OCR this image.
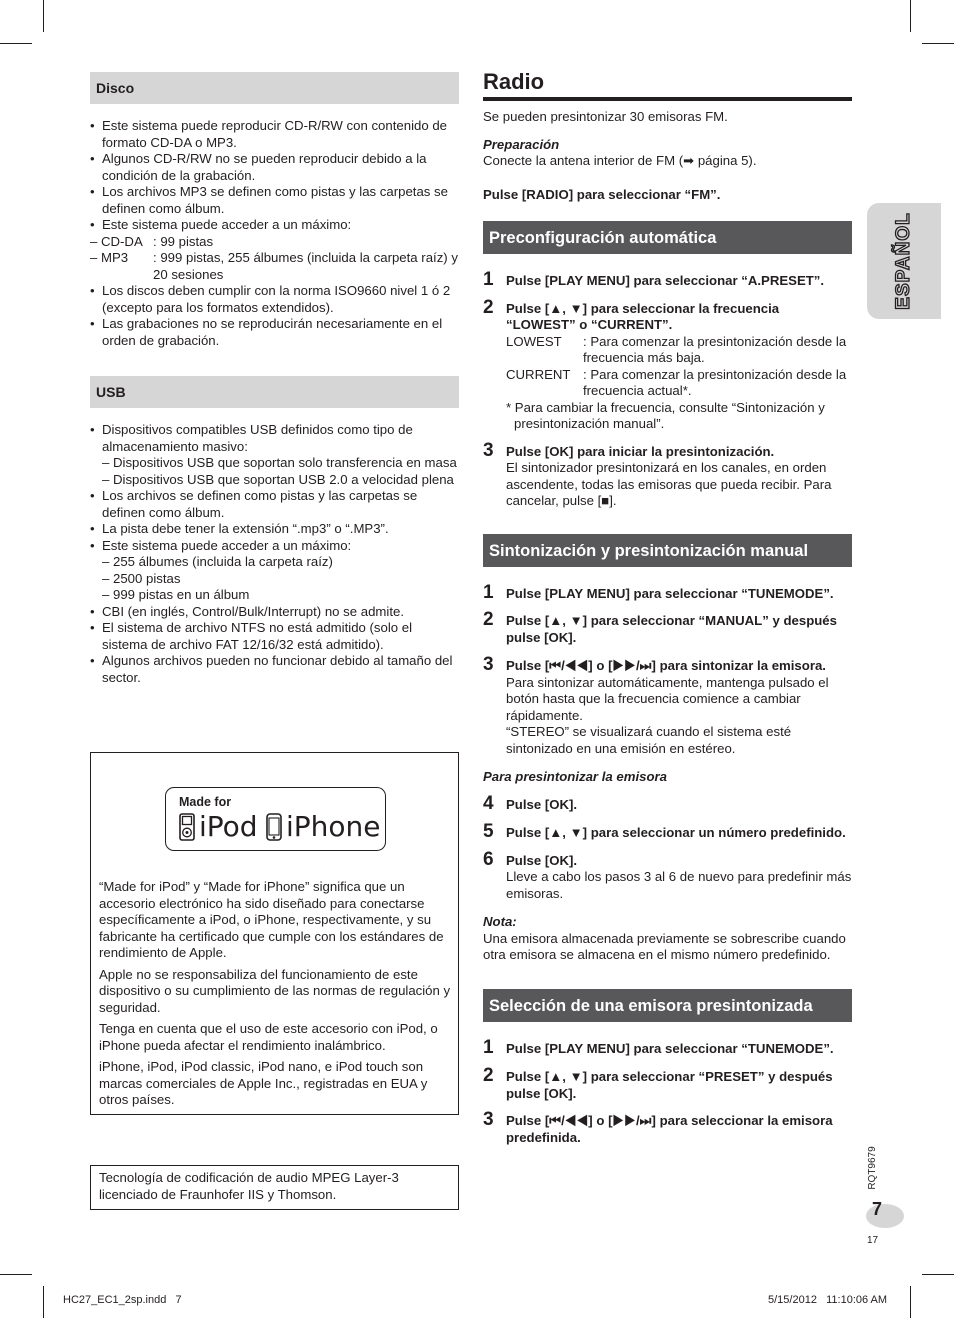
Disco
• Este sistema puede reproducir CD-R/RW con contenido de formato CD-DA o MP3.
• Algunos CD-R/RW no se pueden reproducir debido a la condición de la grabación.
• Los archivos MP3 se definen como pistas y las carpetas se definen como álbum.
• Este sistema puede acceder a un máximo:
– CD-DA : 99 pistas
– MP3	: 999 pistas, 255 álbumes (incluida la carpeta raíz) y 20 sesiones
• Los discos deben cumplir con la norma ISO9660 nivel 1 ó 2 (excepto para los formatos extendidos).
• Las grabaciones no se reproducirán necesariamente en el orden de grabación.
USB
• Dispositivos compatibles USB definidos como tipo de almacenamiento masivo:
– Dispositivos USB que soportan solo transferencia en masa
– Dispositivos USB que soportan USB 2.0 a velocidad plena
• Los archivos se definen como pistas y las carpetas se definen como álbum.
• La pista debe tener la extensión “.mp3” o “.MP3”.
• Este sistema puede acceder a un máximo:
– 255 álbumes (incluida la carpeta raíz)
– 2500 pistas
– 999 pistas en un álbum
• CBI (en inglés, Control/Bulk/Interrupt) no se admite.
• El sistema de archivo NTFS no está admitido (solo el sistema de archivo FAT 12/16/32 está admitido).
• Algunos archivos pueden no funcionar debido al tamaño del sector.
Made for
iPod iPhone

“Made for iPod” y “Made for iPhone” significa que un accesorio electrónico ha sido diseñado para conectarse específicamente a iPod, o iPhone, respectivamente, y su fabricante ha certificado que cumple con los estándares de rendimiento de Apple.

Apple no se responsabiliza del funcionamiento de este dispositivo o su cumplimiento de las normas de regulación y seguridad.

Tenga en cuenta que el uso de este accesorio con iPod, o iPhone pueda afectar el rendimiento inalámbrico.

iPhone, iPod, iPod classic, iPod nano, e iPod touch son marcas comerciales de Apple Inc., registradas en EUA y otros países.

Tecnología de codificación de audio MPEG Layer-3 licenciado de Fraunhofer IIS y Thomson.
Radio
Se pueden presintonizar 30 emisoras FM.
Preparación
Conecte la antena interior de FM (➡ página 5).
Pulse [RADIO] para seleccionar “FM”.
Preconfiguración automática
1 Pulse [PLAY MENU] para seleccionar “A.PRESET”.
2 Pulse [▲, ▼] para seleccionar la frecuencia “LOWEST” o “CURRENT”.
LOWEST	: Para comenzar la presintonización desde la frecuencia más baja.
CURRENT : Para comenzar la presintonización desde la frecuencia actual*.
* Para cambiar la frecuencia, consulte “Sintonización y presintonización manual”.
3 Pulse [OK] para iniciar la presintonización.
El sintonizador presintonizará en los canales, en orden ascendente, todas las emisoras que pueda recibir. Para cancelar, pulse [■].
Sintonización y presintonización manual
1 Pulse [PLAY MENU] para seleccionar “TUNEMODE”.
2 Pulse [▲, ▼] para seleccionar “MANUAL” y después pulse [OK].
3 Pulse [⏮/◀◀] o [▶▶/⏭] para sintonizar la emisora.
Para sintonizar automáticamente, mantenga pulsado el botón hasta que la frecuencia comience a cambiar rápidamente.
“STEREO” se visualizará cuando el sistema esté sintonizado en una emisión en estéreo.
Para presintonizar la emisora
4 Pulse [OK].
5 Pulse [▲, ▼] para seleccionar un número predefinido.
6 Pulse [OK].
Lleve a cabo los pasos 3 al 6 de nuevo para predefinir más emisoras.
Nota:
Una emisora almacenada previamente se sobrescribe cuando otra emisora se almacena en el mismo número predefinido.
Selección de una emisora presintonizada
1 Pulse [PLAY MENU] para seleccionar “TUNEMODE”.
2 Pulse [▲, ▼] para seleccionar “PRESET” y después pulse [OK].
3 Pulse [⏮/◀◀] o [▶▶/⏭] para seleccionar la emisora predefinida.
ESPAÑOL
RQT9679
7
17
HC27_EC1_2sp.indd   7	5/15/2012   11:10:06 AM
